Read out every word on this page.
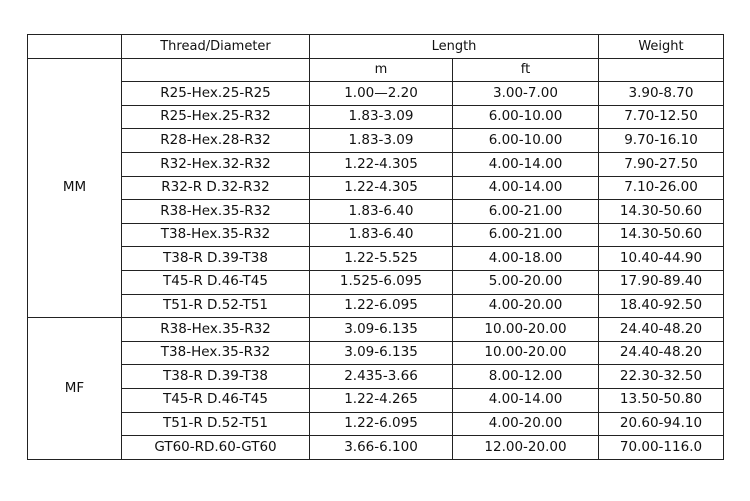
	Thread/Diameter	Length		Weight
MM		m	ft	
	R25-Hex.25-R25	1.00—2.20	3.00-7.00	3.90-8.70
	R25-Hex.25-R32	1.83-3.09	6.00-10.00	7.70-12.50
	R28-Hex.28-R32	1.83-3.09	6.00-10.00	9.70-16.10
	R32-Hex.32-R32	1.22-4.305	4.00-14.00	7.90-27.50
	R32-R D.32-R32	1.22-4.305	4.00-14.00	7.10-26.00
	R38-Hex.35-R32	1.83-6.40	6.00-21.00	14.30-50.60
	T38-Hex.35-R32	1.83-6.40	6.00-21.00	14.30-50.60
	T38-R D.39-T38	1.22-5.525	4.00-18.00	10.40-44.90
	T45-R D.46-T45	1.525-6.095	5.00-20.00	17.90-89.40
	T51-R D.52-T51	1.22-6.095	4.00-20.00	18.40-92.50
MF	R38-Hex.35-R32	3.09-6.135	10.00-20.00	24.40-48.20
	T38-Hex.35-R32	3.09-6.135	10.00-20.00	24.40-48.20
	T38-R D.39-T38	2.435-3.66	8.00-12.00	22.30-32.50
	T45-R D.46-T45	1.22-4.265	4.00-14.00	13.50-50.80
	T51-R D.52-T51	1.22-6.095	4.00-20.00	20.60-94.10
	GT60-RD.60-GT60	3.66-6.100	12.00-20.00	70.00-116.0
